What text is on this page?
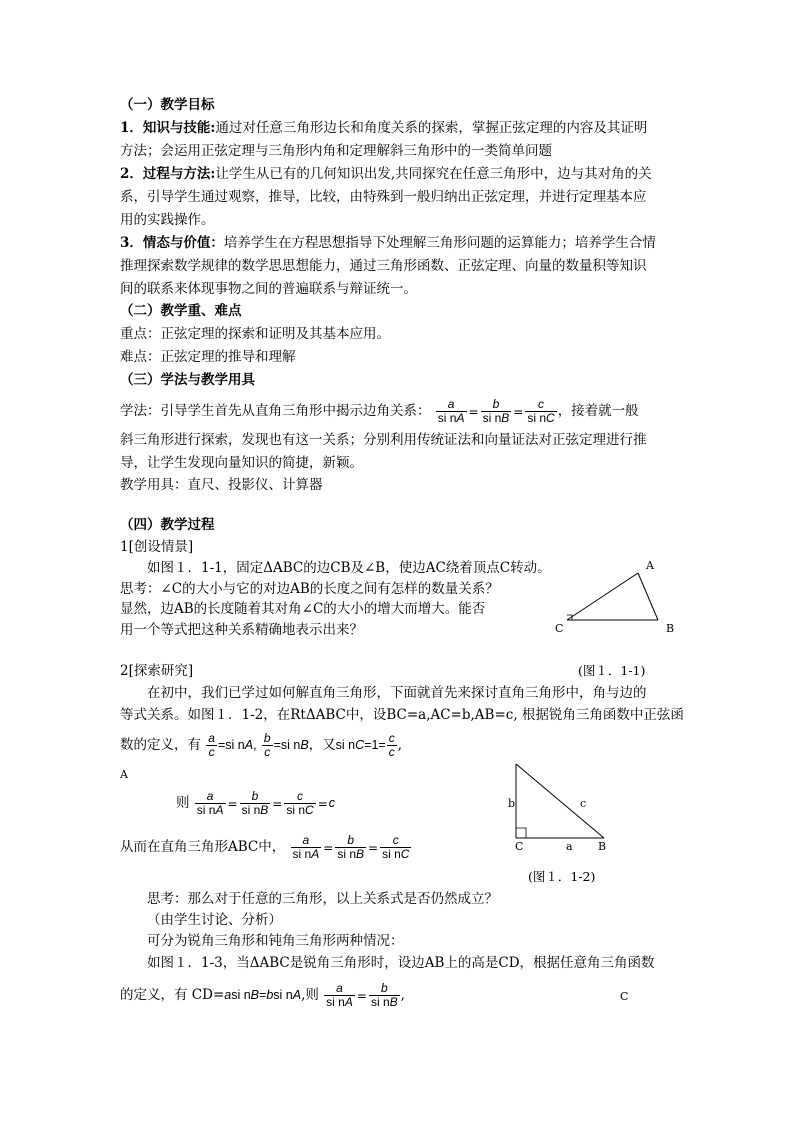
（一）教学目标
1．知识与技能:通过对任意三角形边长和角度关系的探索，掌握正弦定理的内容及其证明
方法；会运用正弦定理与三角形内角和定理解斜三角形中的一类简单问题
2．过程与方法:让学生从已有的几何知识出发,共同探究在任意三角形中，边与其对角的关
系，引导学生通过观察，推导，比较，由特殊到一般归纳出正弦定理，并进行定理基本应
用的实践操作。
3．情态与价值：培养学生在方程思想指导下处理解三角形问题的运算能力；培养学生合情
推理探索数学规律的数学思思想能力，通过三角形函数、正弦定理、向量的数量积等知识
间的联系来体现事物之间的普遍联系与辩证统一。
（二）教学重、难点
重点：正弦定理的探索和证明及其基本应用。
难点：正弦定理的推导和理解
（三）学法与教学用具
学法：引导学生首先从直角三角形中揭示边角关系： $\frac{a}{\text{si nA}} = \frac{b}{\text{si nB}} = \frac{c}{\text{si nC}}$ ，接着就一般
斜三角形进行探索，发现也有这一关系；分别利用传统证法和向量证法对正弦定理进行推
导，让学生发现向量知识的简捷，新颖。
教学用具：直尺、投影仪、计算器
（四）教学过程
1[创设情景]
如图１．1-1，固定ΔABC的边CB及∠B，使边AC绕着顶点C转动。
思考：∠C的大小与它的对边AB的长度之间有怎样的数量关系？
显然，边AB的长度随着其对角∠C的大小的增大而增大。能否
用一个等式把这种关系精确地表示出来？
A
C	B
2[探索研究]	(图１．1-1)
在初中，我们已学过如何解直角三角形，下面就首先来探讨直角三角形中，角与边的
等式关系。如图１．1-2，在RtΔABC中，设BC=a,AC=b,AB=c, 根据锐角三角函数中正弦函
数的定义，有 $\frac{a}{c} =si$ nA, $\frac{b}{c} =si$ nB，又si $nC=1= \frac{c}{c}$ ,
A
则 $\frac{a}{\text{si nA}} = \frac{b}{\text{si nB}} = \frac{c}{\text{si nC}} =c$
从而在直角三角形ABC中， $\frac{a}{\text{si nA}} = \frac{b}{\text{si nB}} = \frac{c}{\text{si nC}}$
b	c
C	a B
(图１．1-2)
思考：那么对于任意的三角形，以上关系式是否仍然成立？
（由学生讨论、分析）
可分为锐角三角形和钝角三角形两种情况：
如图１．1-3，当ΔABC是锐角三角形时，设边AB上的高是CD，根据任意角三角函数
的定义，有 CD=asi nB=bsi nA,则 $\frac{a}{\text{si nA}} = \frac{b}{\text{si nB}}$ ,	C
